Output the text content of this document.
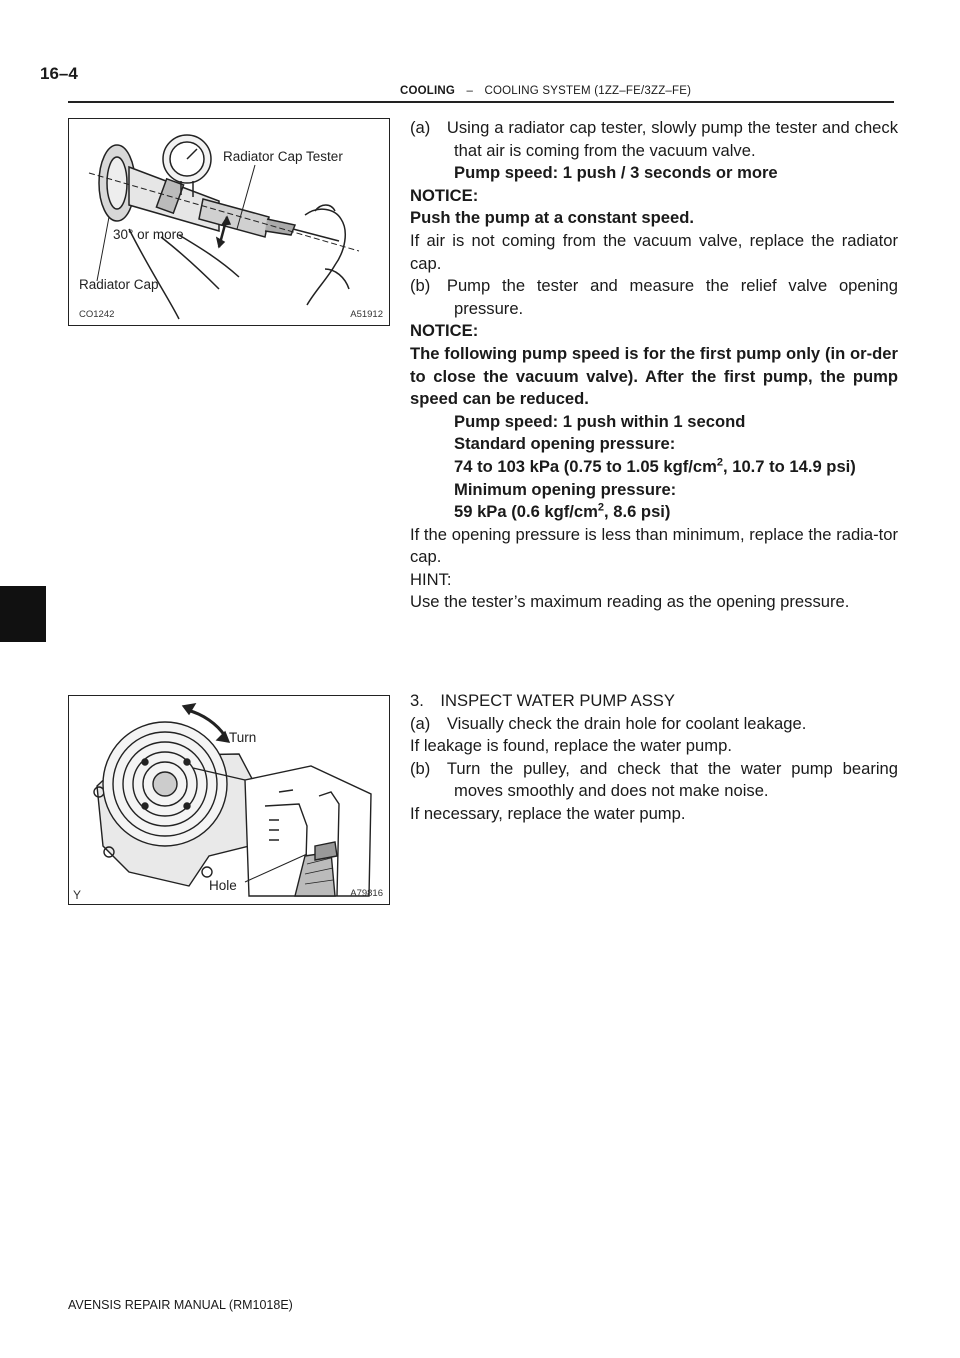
16–4
COOLING – COOLING SYSTEM (1ZZ–FE/3ZZ–FE)
Radiator Cap Tester
30° or more
Radiator Cap
CO1242	A51912
Turn
Hole
Y	A79816

(a) Using a radiator cap tester, slowly pump the tester and check that air is coming from the vacuum valve.

Pump speed: 1 push / 3 seconds or more

NOTICE:

Push the pump at a constant speed.

If air is not coming from the vacuum valve, replace the radiator cap.

(b) Pump the tester and measure the relief valve opening pressure.

NOTICE:

The following pump speed is for the first pump only (in or-der to close the vacuum valve). After the first pump, the pump speed can be reduced.

Pump speed: 1 push within 1 second

Standard opening pressure:

74 to 103 kPa (0.75 to 1.05 kgf/$cm^2$, 10.7 to 14.9 psi)

Minimum opening pressure:

59 kPa (0.6 kgf/$cm^2$, 8.6 psi)

If the opening pressure is less than minimum, replace the radia-tor cap.

HINT:

Use the tester’s maximum reading as the opening pressure.

3. INSPECT WATER PUMP ASSY

(a) Visually check the drain hole for coolant leakage.

If leakage is found, replace the water pump.

(b) Turn the pulley, and check that the water pump bearing moves smoothly and does not make noise.

If necessary, replace the water pump.

AVENSIS REPAIR MANUAL (RM1018E)
